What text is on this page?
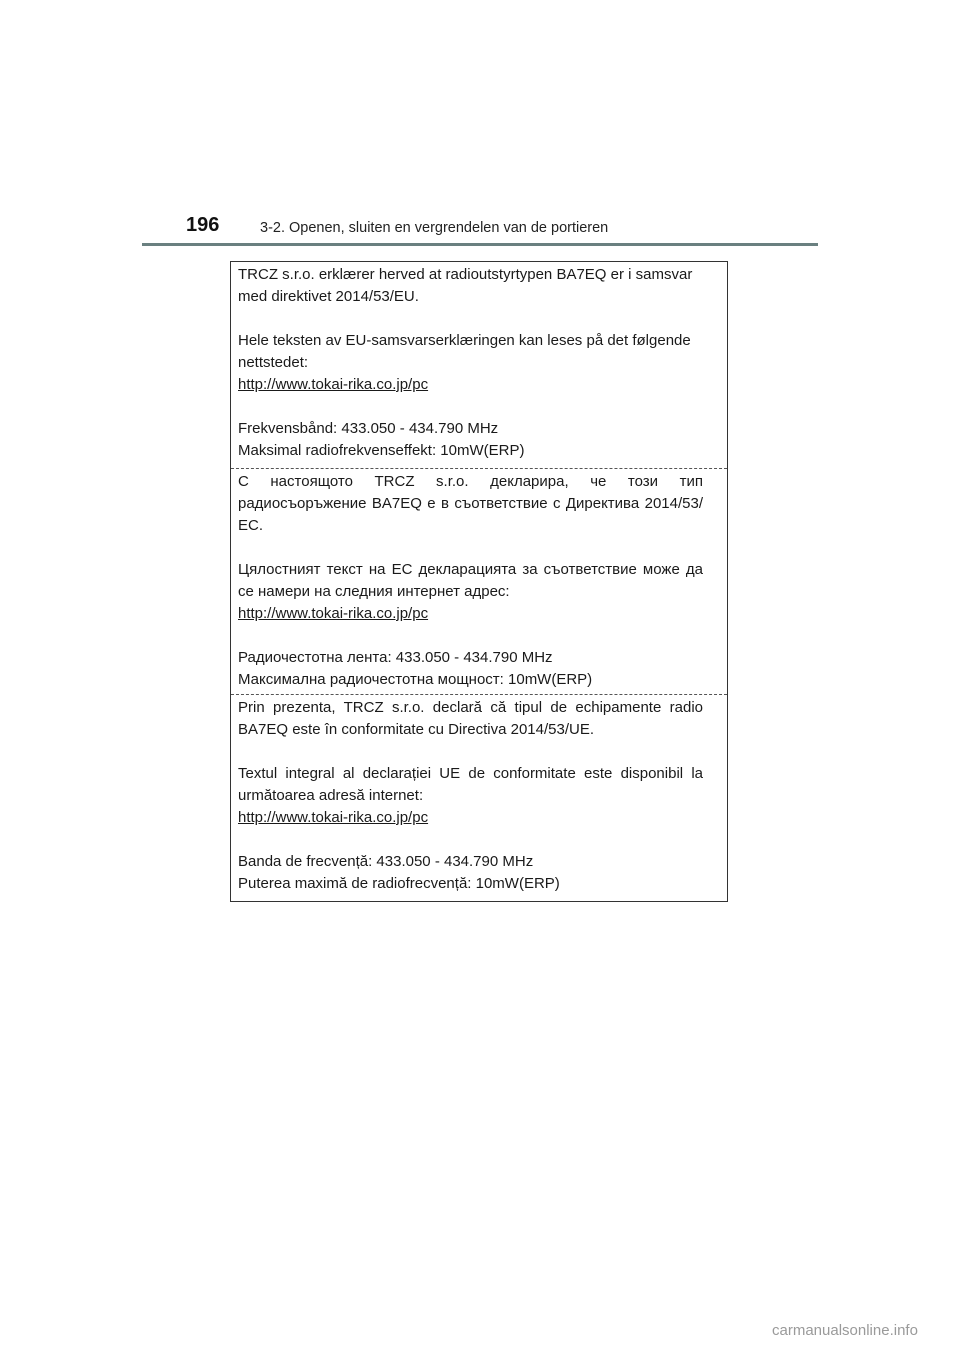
196	3-2. Openen, sluiten en vergrendelen van de portieren

TRCZ s.r.o. erklærer herved at radioutstyrtypen BA7EQ er i samsvar med direktivet 2014/53/EU.

Hele teksten av EU-samsvarserklæringen kan leses på det følgende nettstedet:

http://www.tokai-rika.co.jp/pc

Frekvensbånd: 433.050 - 434.790 MHz

Maksimal radiofrekvenseffekt: 10mW(ERP)

С настоящото TRCZ s.r.o. декларира, че този тип радиосъоръжение BA7EQ е в съответствие с Директива 2014/53/ЕС.

Цялостният текст на ЕС декларацията за съответствие може да се намери на следния интернет адрес:

http://www.tokai-rika.co.jp/pc

Радиочестотна лента: 433.050 - 434.790 MHz

Максимална радиочестотна мощност: 10mW(ERP)

Prin prezenta, TRCZ s.r.o. declară că tipul de echipamente radio BA7EQ este în conformitate cu Directiva 2014/53/UE.

Textul integral al declarației UE de conformitate este disponibil la următoarea adresă internet:

http://www.tokai-rika.co.jp/pc

Banda de frecvență: 433.050 - 434.790 MHz

Puterea maximă de radiofrecvență: 10mW(ERP)

carmanualsonline.info
